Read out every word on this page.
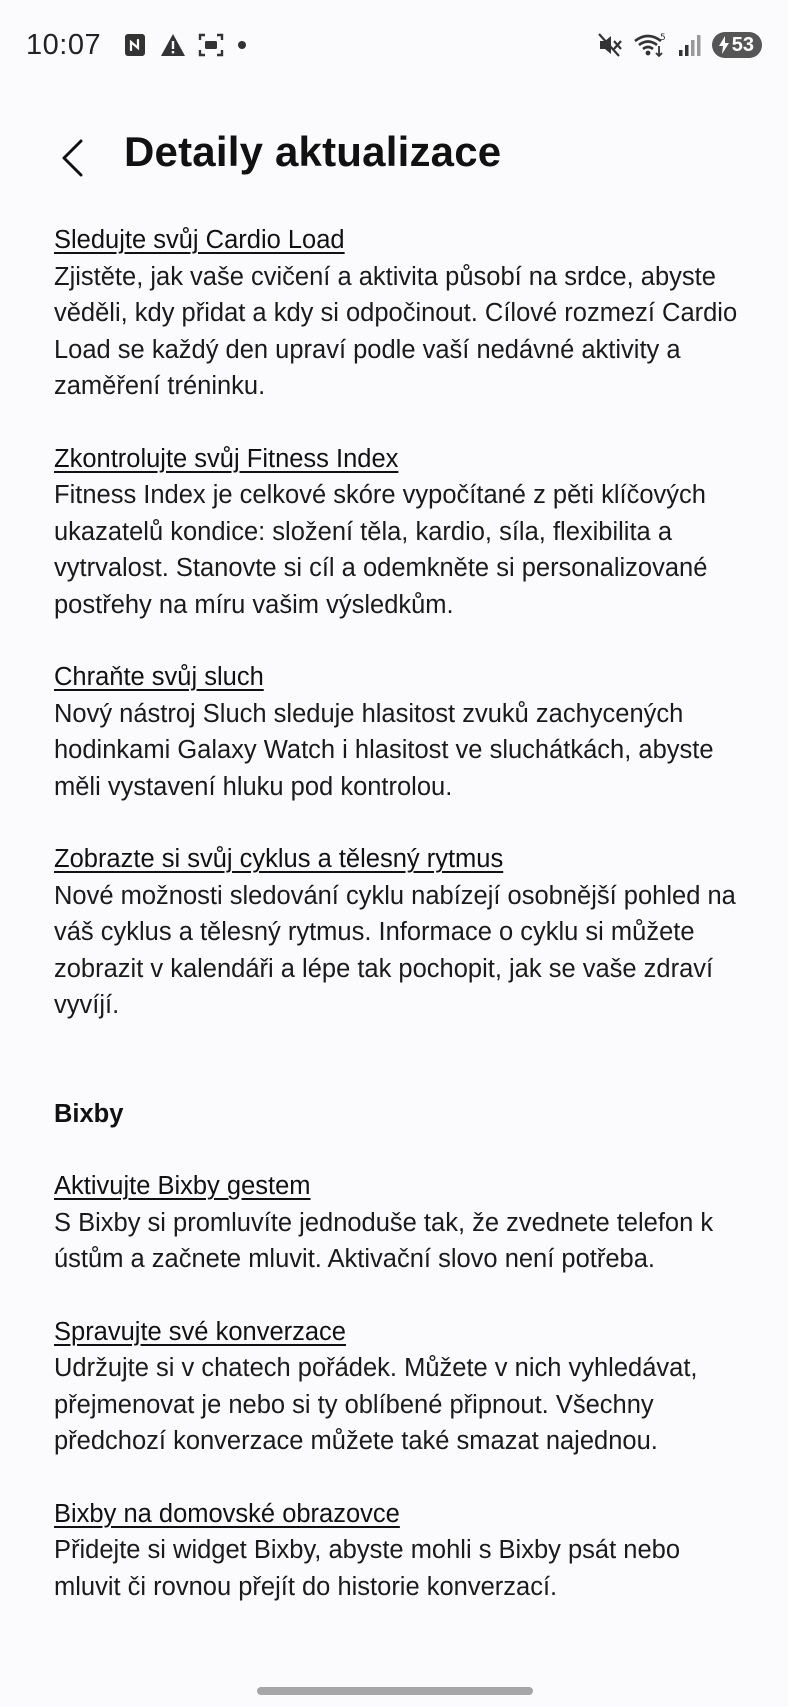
10:07	5	53
Detaily aktualizace
Sledujte svůj Cardio Load
Zjistěte, jak vaše cvičení a aktivita působí na srdce, abyste věděli, kdy přidat a kdy si odpočinout. Cílové rozmezí Cardio Load se každý den upraví podle vaší nedávné aktivity a zaměření tréninku.
Zkontrolujte svůj Fitness Index
Fitness Index je celkové skóre vypočítané z pěti klíčových ukazatelů kondice: složení těla, kardio, síla, flexibilita a vytrvalost. Stanovte si cíl a odemkněte si personalizované postřehy na míru vašim výsledkům.
Chraňte svůj sluch
Nový nástroj Sluch sleduje hlasitost zvuků zachycených hodinkami Galaxy Watch i hlasitost ve sluchátkách, abyste měli vystavení hluku pod kontrolou.
Zobrazte si svůj cyklus a tělesný rytmus
Nové možnosti sledování cyklu nabízejí osobnější pohled na váš cyklus a tělesný rytmus. Informace o cyklu si můžete zobrazit v kalendáři a lépe tak pochopit, jak se vaše zdraví vyvíjí.
Bixby
Aktivujte Bixby gestem
S Bixby si promluvíte jednoduše tak, že zvednete telefon k ústům a začnete mluvit. Aktivační slovo není potřeba.
Spravujte své konverzace
Udržujte si v chatech pořádek. Můžete v nich vyhledávat, přejmenovat je nebo si ty oblíbené připnout. Všechny předchozí konverzace můžete také smazat najednou.
Bixby na domovské obrazovce
Přidejte si widget Bixby, abyste mohli s Bixby psát nebo mluvit či rovnou přejít do historie konverzací.
